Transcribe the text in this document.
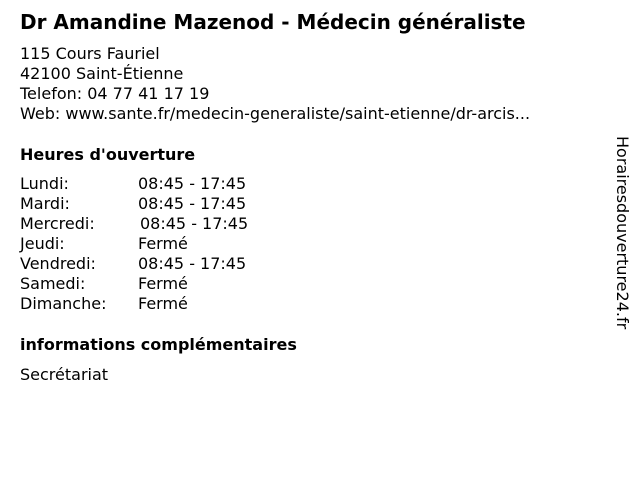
Dr Amandine Mazenod - Médecin généraliste
115 Cours Fauriel
42100 Saint-Étienne
Telefon: 04 77 41 17 19
Web: www.sante.fr/medecin-generaliste/saint-etienne/dr-arcis...
Heures d'ouverture
Lundi:	08:45 - 17:45
Mardi:	08:45 - 17:45
Mercredi:	08:45 - 17:45
Jeudi:	Fermé
Vendredi:	08:45 - 17:45
Samedi:	Fermé
Dimanche: Fermé
informations complémentaires
Secrétariat
Horairesdouverture24.fr
